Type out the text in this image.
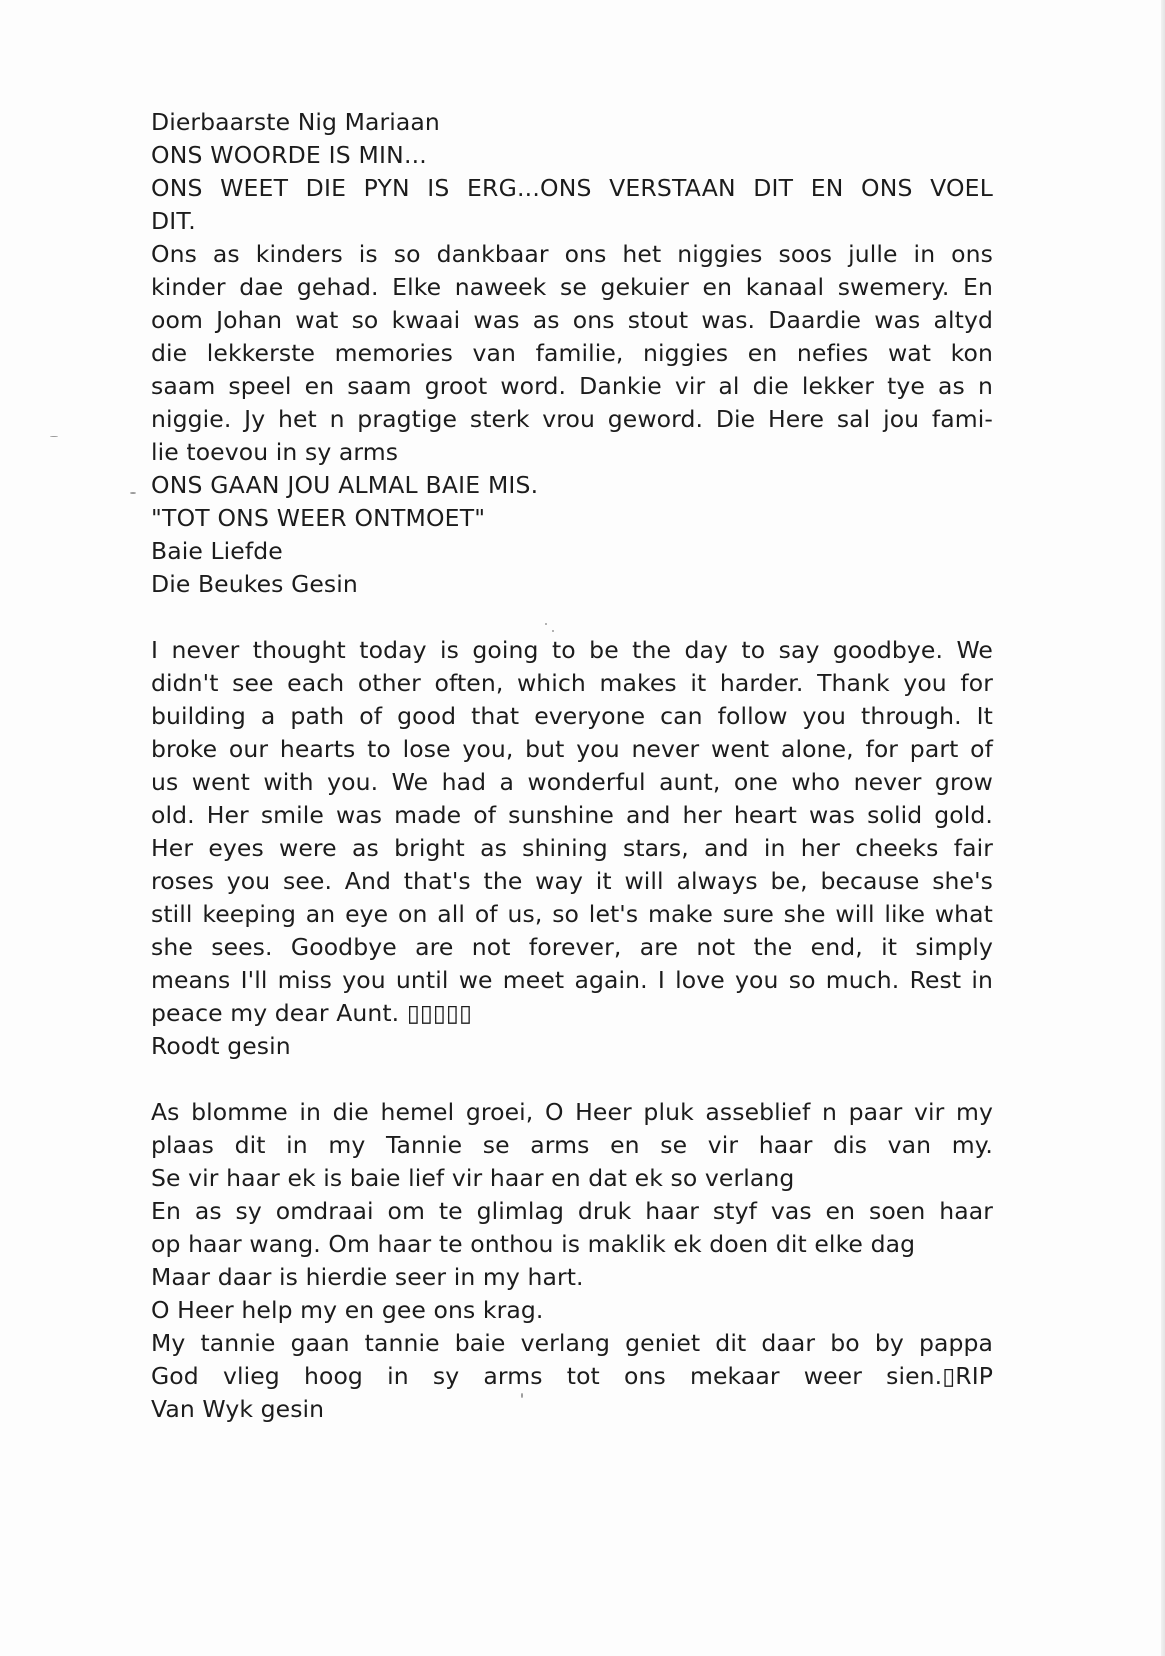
Dierbaarste Nig Mariaan
ONS WOORDE IS MIN...
ONS WEET DIE PYN IS ERG...ONS VERSTAAN DIT EN ONS VOEL
DIT.
Ons as kinders is so dankbaar ons het niggies soos julle in ons
kinder dae gehad. Elke naweek se gekuier en kanaal swemery. En
oom Johan wat so kwaai was as ons stout was. Daardie was altyd
die lekkerste memories van familie, niggies en nefies wat kon
saam speel en saam groot word. Dankie vir al die lekker tye as n
niggie. Jy het n pragtige sterk vrou geword. Die Here sal jou fami-
lie toevou in sy arms
ONS GAAN JOU ALMAL BAIE MIS.
"TOT ONS WEER ONTMOET"
Baie Liefde
Die Beukes Gesin
I never thought today is going to be the day to say goodbye. We
didn't see each other often, which makes it harder. Thank you for
building a path of good that everyone can follow you through. It
broke our hearts to lose you, but you never went alone, for part of
us went with you. We had a wonderful aunt, one who never grow
old. Her smile was made of sunshine and her heart was solid gold.
Her eyes were as bright as shining stars, and in her cheeks fair
roses you see. And that's the way it will always be, because she's
still keeping an eye on all of us, so let's make sure she will like what
she sees. Goodbye are not forever, are not the end, it simply
means I'll miss you until we meet again. I love you so much. Rest in
peace my dear Aunt. ▯▯▯▯▯
Roodt gesin
As blomme in die hemel groei, O Heer pluk asseblief n paar vir my
plaas dit in my Tannie se arms en se vir haar dis van my.
Se vir haar ek is baie lief vir haar en dat ek so verlang
En as sy omdraai om te glimlag druk haar styf vas en soen haar
op haar wang. Om haar te onthou is maklik ek doen dit elke dag
Maar daar is hierdie seer in my hart.
O Heer help my en gee ons krag.
My tannie gaan tannie baie verlang geniet dit daar bo by pappa
God vlieg hoog in sy arms tot ons mekaar weer sien.▯RIP
Van Wyk gesin
